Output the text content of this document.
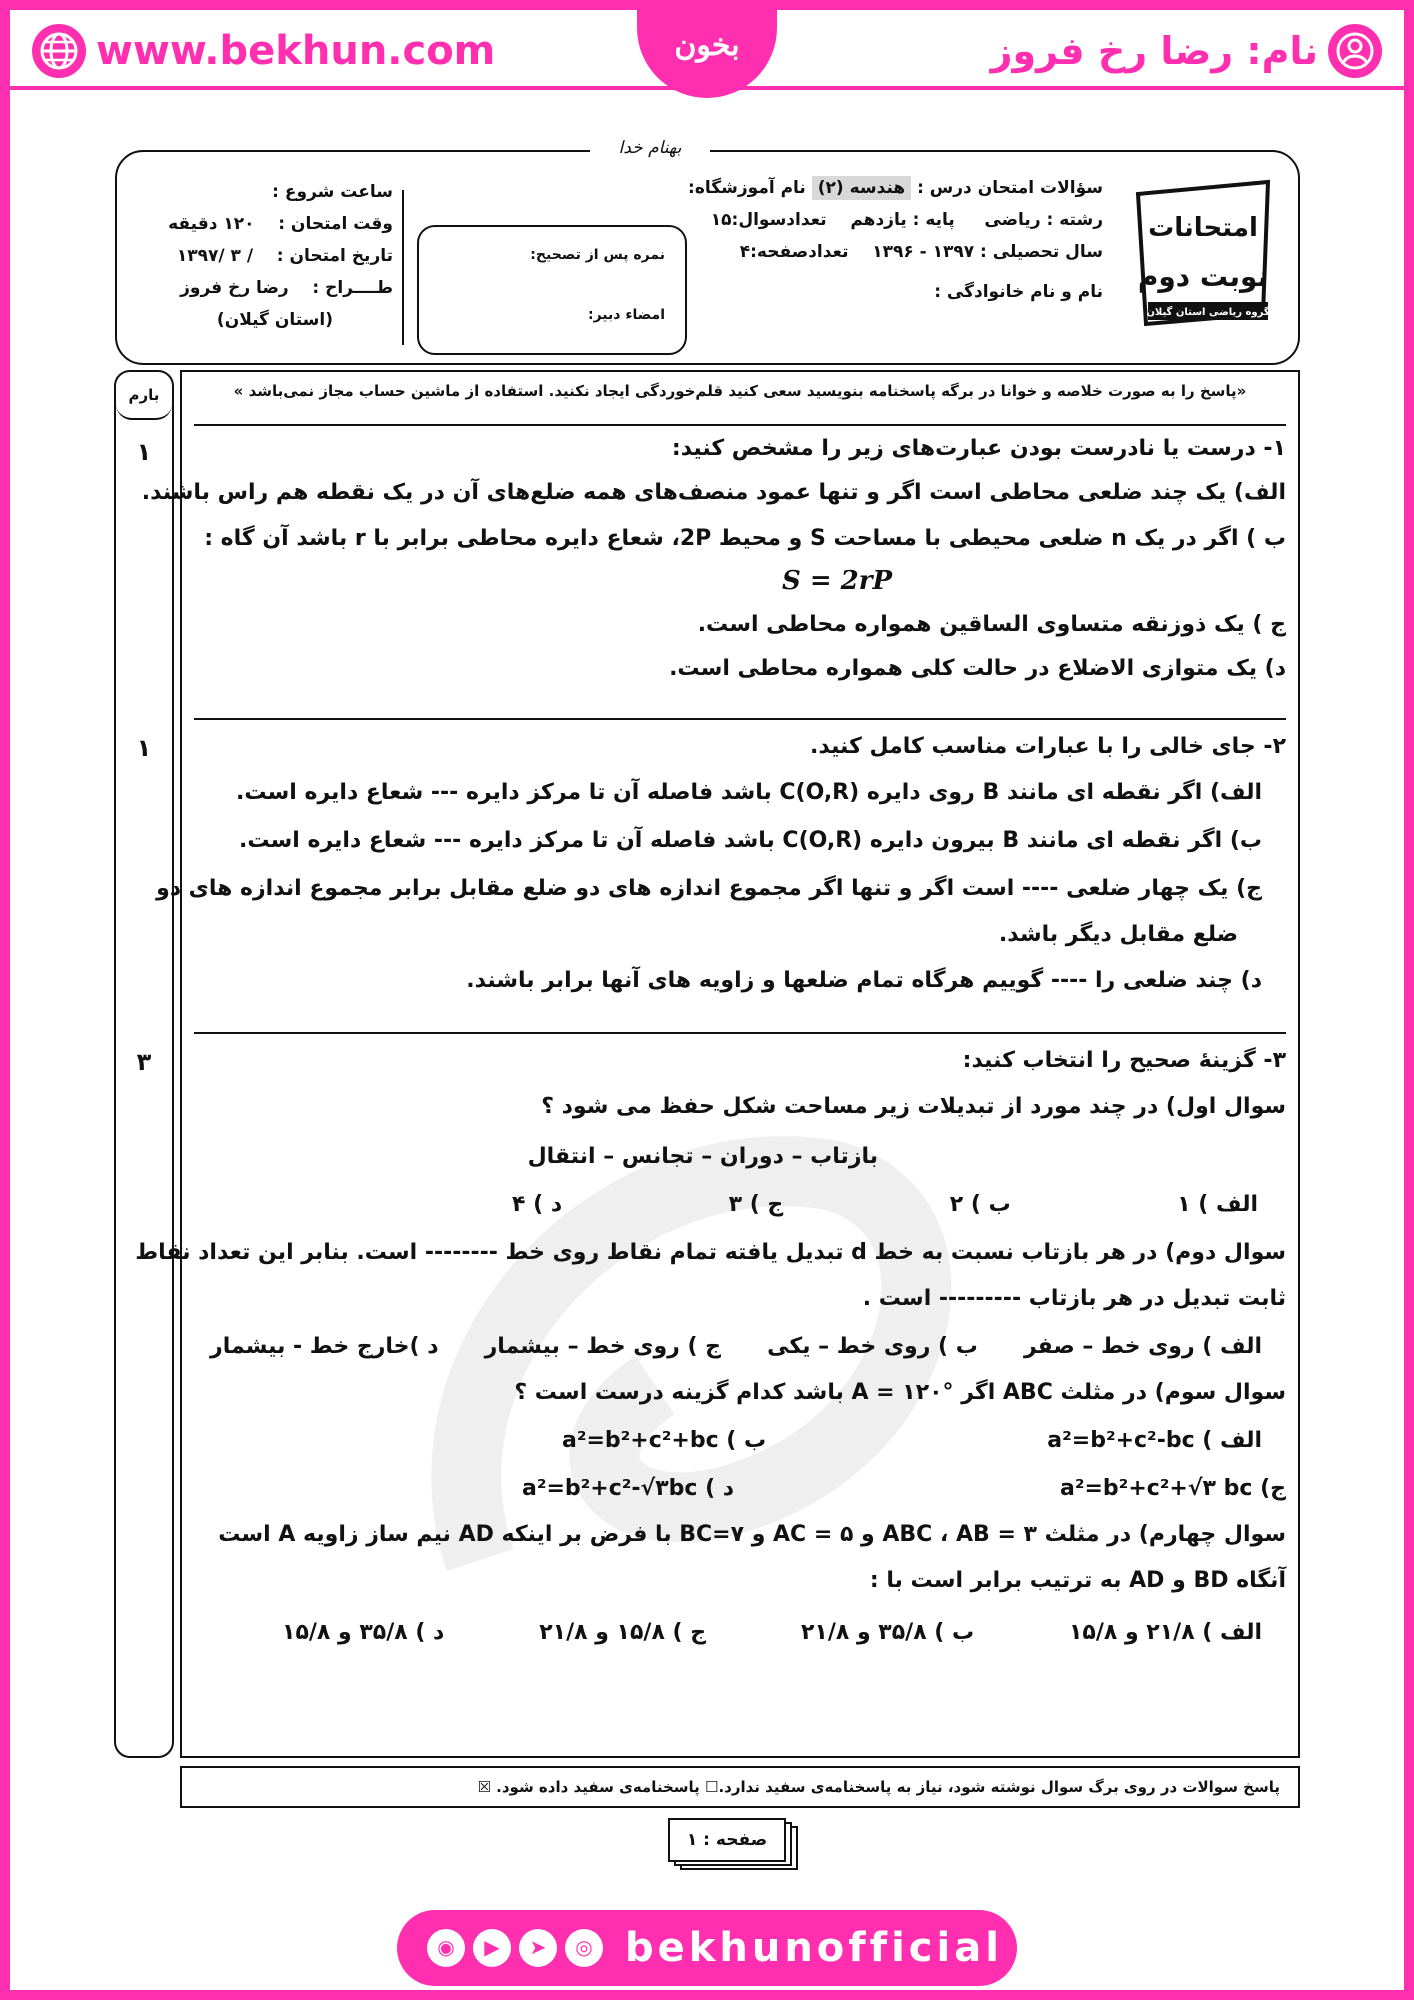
www.bekhun.com	نام: رضا رخ فروز
بخون
امتحانات
نوبت دوم
گروه ریاضی استان گیلان
سؤالات امتحان درس : هندسه (۲) نام آموزشگاه:
رشته : ریاضی     پایه : یازدهم    تعدادسوال:۱۵
سال تحصیلی : ۱۳۹۷ - ۱۳۹۶    تعدادصفحه:۴
نام و نام خانوادگی :
نمره پس از تصحیح:
امضاء دبیر:
ساعت شروع :
وقت امتحان :    ۱۲۰ دقیقه
تاریخ امتحان :    / ۳ /۱۳۹۷
طــــراح :    رضا رخ فروز
(استان گیلان)
بهنام خدا
بارم
۱
۱
۳
«پاسخ را به صورت خلاصه و خوانا در برگه پاسخنامه بنویسید سعی کنید قلم‌خوردگی ایجاد نکنید. استفاده از ماشین حساب مجاز نمی‌باشد »
۱- درست یا نادرست بودن عبارت‌های زیر را مشخص کنید:
الف) یک چند ضلعی محاطی است اگر و تنها عمود منصف‌های همه ضلع‌های آن در یک نقطه هم راس باشند.
ب ) اگر در یک n ضلعی محیطی با مساحت S و محیط 2P، شعاع دایره محاطی برابر با r باشد آن گاه :
S = 2rP
ج ) یک ذوزنقه متساوی الساقین همواره محاطی است.
د) یک متوازی الاضلاع در حالت کلی همواره محاطی است.
۲- جای خالی را با عبارات مناسب کامل کنید.
الف) اگر نقطه ای مانند B روی دایره C(O,R) باشد فاصله آن تا مرکز دایره --- شعاع دایره است.
ب) اگر نقطه ای مانند B بیرون دایره C(O,R) باشد فاصله آن تا مرکز دایره --- شعاع دایره است.
ج) یک چهار ضلعی ---- است اگر و تنها اگر مجموع اندازه های دو ضلع مقابل برابر مجموع اندازه های دو
ضلع مقابل دیگر باشد.
د) چند ضلعی را ---- گوییم هرگاه تمام ضلعها و زاویه های آنها برابر باشند.
۳- گزینهٔ صحیح را انتخاب کنید:
سوال اول) در چند مورد از تبدیلات زیر مساحت شکل حفظ می شود ؟
بازتاب – دوران – تجانس – انتقال
الف ) ۱
ب ) ۲
ج ) ۳
د ) ۴
سوال دوم) در هر بازتاب نسبت به خط d تبدیل یافته تمام نقاط روی خط -------- است. بنابر این تعداد نقاط
ثابت تبدیل در هر بازتاب --------- است .
الف ) روی خط – صفر
ب ) روی خط – یکی
ج ) روی خط – بیشمار
د )خارج خط - بیشمار
سوال سوم) در مثلث ABC اگر A = ۱۲۰° باشد کدام گزینه درست است ؟
الف ) a²=b²+c²-bc
ب ) a²=b²+c²+bc
ج) a²=b²+c²+√۳ bc
د ) a²=b²+c²-√۳bc
سوال چهارم) در مثلث ABC ، AB = ۳ و AC = ۵ و BC=۷ با فرض بر اینکه AD نیم ساز زاویه A است
آنگاه BD و AD به ترتیب برابر است با :
الف ) ۲۱/۸ و ۱۵/۸
ب ) ۳۵/۸ و ۲۱/۸
ج ) ۱۵/۸ و ۲۱/۸
د ) ۳۵/۸ و ۱۵/۸
پاسخ سوالات در روی برگ سوال نوشته شود، نیاز به پاسخنامه‌ی سفید ندارد.☐ پاسخنامه‌ی سفید داده شود. ☒
صفحه : ۱
◉	▶	➤	◎ bekhunofficial
